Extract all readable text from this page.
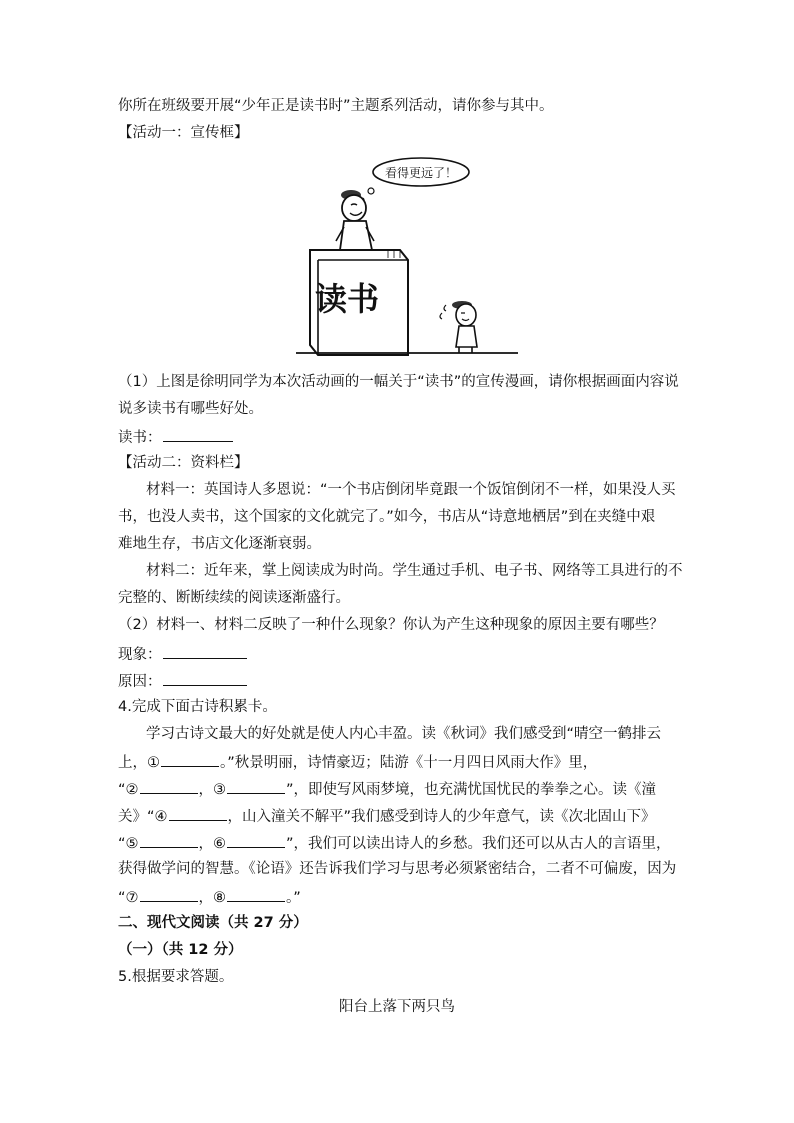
你所在班级要开展“少年正是读书时”主题系列活动，请你参与其中。
【活动一：宣传框】
看得更远了！
读书
（1）上图是徐明同学为本次活动画的一幅关于“读书”的宣传漫画，请你根据画面内容说
说多读书有哪些好处。
读书：
【活动二：资料栏】
材料一：英国诗人多恩说：“一个书店倒闭毕竟跟一个饭馆倒闭不一样，如果没人买
书，也没人卖书，这个国家的文化就完了。”如今，书店从“诗意地栖居”到在夹缝中艰
难地生存，书店文化逐渐衰弱。
材料二：近年来，掌上阅读成为时尚。学生通过手机、电子书、网络等工具进行的不
完整的、断断续续的阅读逐渐盛行。
（2）材料一、材料二反映了一种什么现象？你认为产生这种现象的原因主要有哪些？
现象：
原因：
4.完成下面古诗积累卡。
学习古诗文最大的好处就是使人内心丰盈。读《秋词》我们感受到“晴空一鹤排云
上，①	。”秋景明丽，诗情豪迈；陆游《十一月四日风雨大作》里，
“②	，③	”，即使写风雨梦境，也充满忧国忧民的拳拳之心。读《潼
关》“④	，山入潼关不解平”我们感受到诗人的少年意气，读《次北固山下》
“⑤	，⑥	”，我们可以读出诗人的乡愁。我们还可以从古人的言语里，
获得做学问的智慧。《论语》还告诉我们学习与思考必须紧密结合，二者不可偏废，因为
“⑦	，⑧	。”
二、现代文阅读（共 27 分）
（一）（共 12 分）
5.根据要求答题。
阳台上落下两只鸟
